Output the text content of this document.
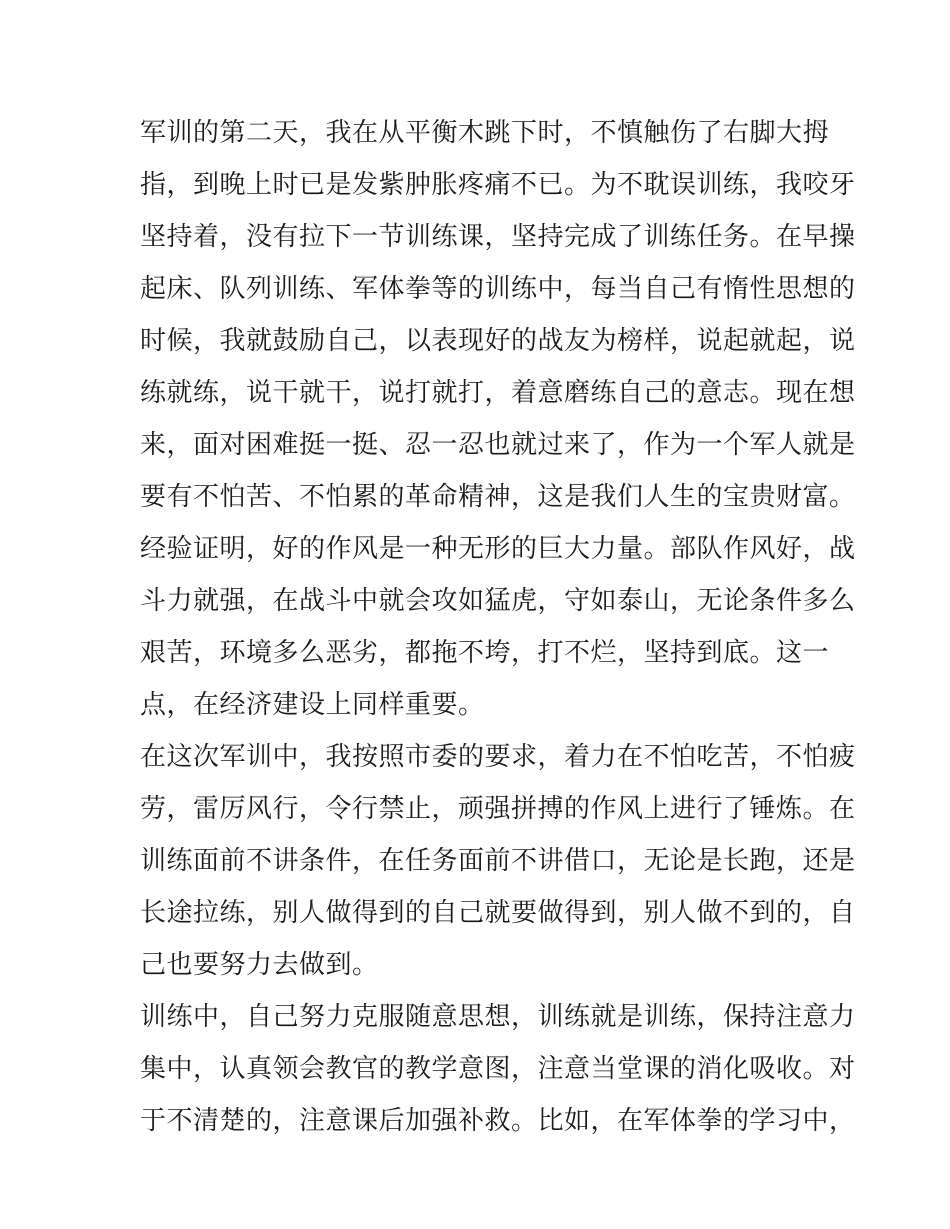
军训的第二天，我在从平衡木跳下时，不慎触伤了右脚大拇
指，到晚上时已是发紫肿胀疼痛不已。为不耽误训练，我咬牙
坚持着，没有拉下一节训练课，坚持完成了训练任务。在早操
起床、队列训练、军体拳等的训练中，每当自己有惰性思想的
时候，我就鼓励自己，以表现好的战友为榜样，说起就起，说
练就练，说干就干，说打就打，着意磨练自己的意志。现在想
来，面对困难挺一挺、忍一忍也就过来了，作为一个军人就是
要有不怕苦、不怕累的革命精神，这是我们人生的宝贵财富。
经验证明，好的作风是一种无形的巨大力量。部队作风好，战
斗力就强，在战斗中就会攻如猛虎，守如泰山，无论条件多么
艰苦，环境多么恶劣，都拖不垮，打不烂，坚持到底。这一
点，在经济建设上同样重要。
在这次军训中，我按照市委的要求，着力在不怕吃苦，不怕疲
劳，雷厉风行，令行禁止，顽强拼搏的作风上进行了锤炼。在
训练面前不讲条件，在任务面前不讲借口，无论是长跑，还是
长途拉练，别人做得到的自己就要做得到，别人做不到的，自
己也要努力去做到。
训练中，自己努力克服随意思想，训练就是训练，保持注意力
集中，认真领会教官的教学意图，注意当堂课的消化吸收。对
于不清楚的，注意课后加强补救。比如，在军体拳的学习中，
